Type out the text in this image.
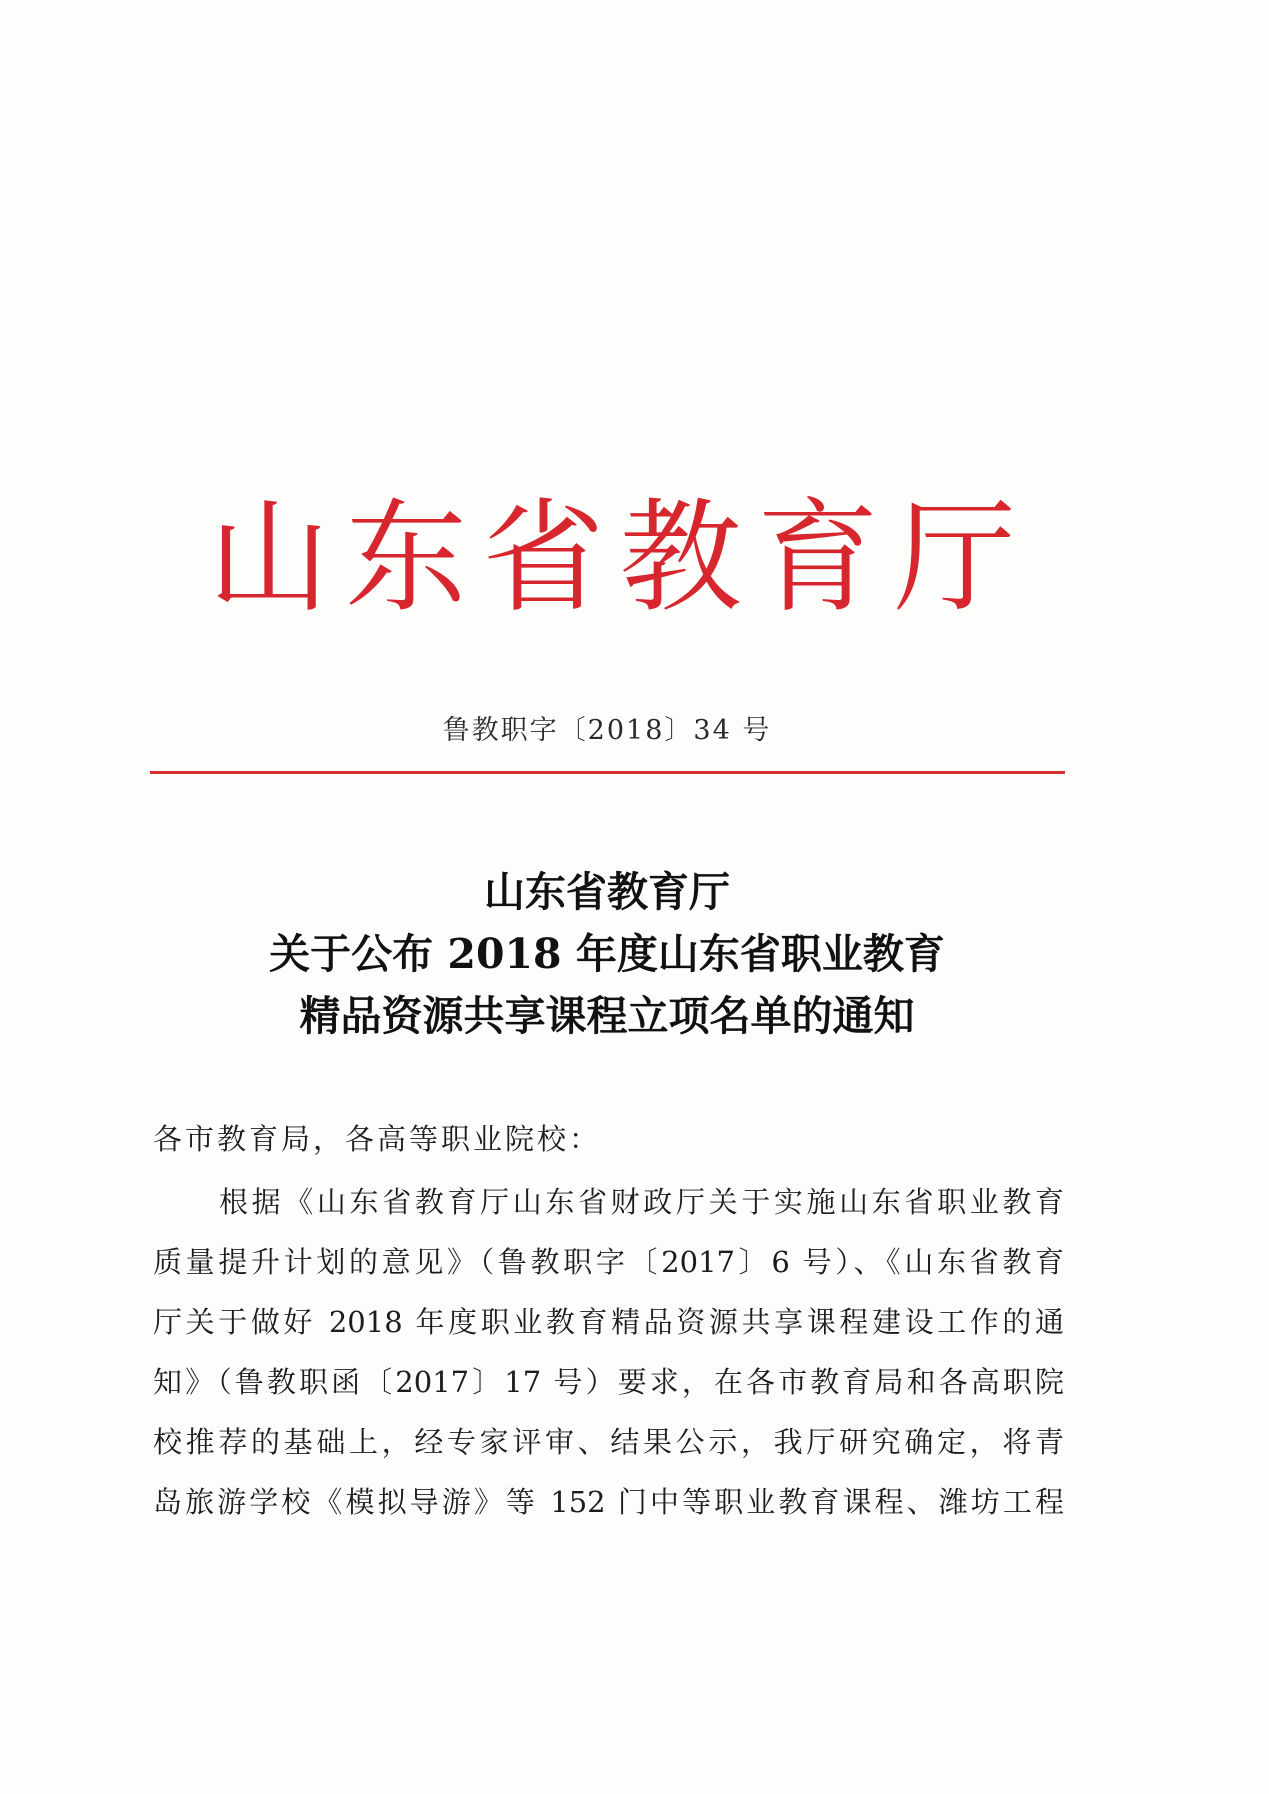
山东省教育厅
鲁教职字〔2018〕34 号
山东省教育厅
关于公布 2018 年度山东省职业教育
精品资源共享课程立项名单的通知
各市教育局，各高等职业院校：
根据《山东省教育厅山东省财政厅关于实施山东省职业教育
质量提升计划的意见》（鲁教职字〔2017〕6 号）、《山东省教育
厅关于做好 2018 年度职业教育精品资源共享课程建设工作的通
知》（鲁教职函〔2017〕17 号）要求，在各市教育局和各高职院
校推荐的基础上，经专家评审、结果公示，我厅研究确定，将青
岛旅游学校《模拟导游》等 152 门中等职业教育课程、潍坊工程
